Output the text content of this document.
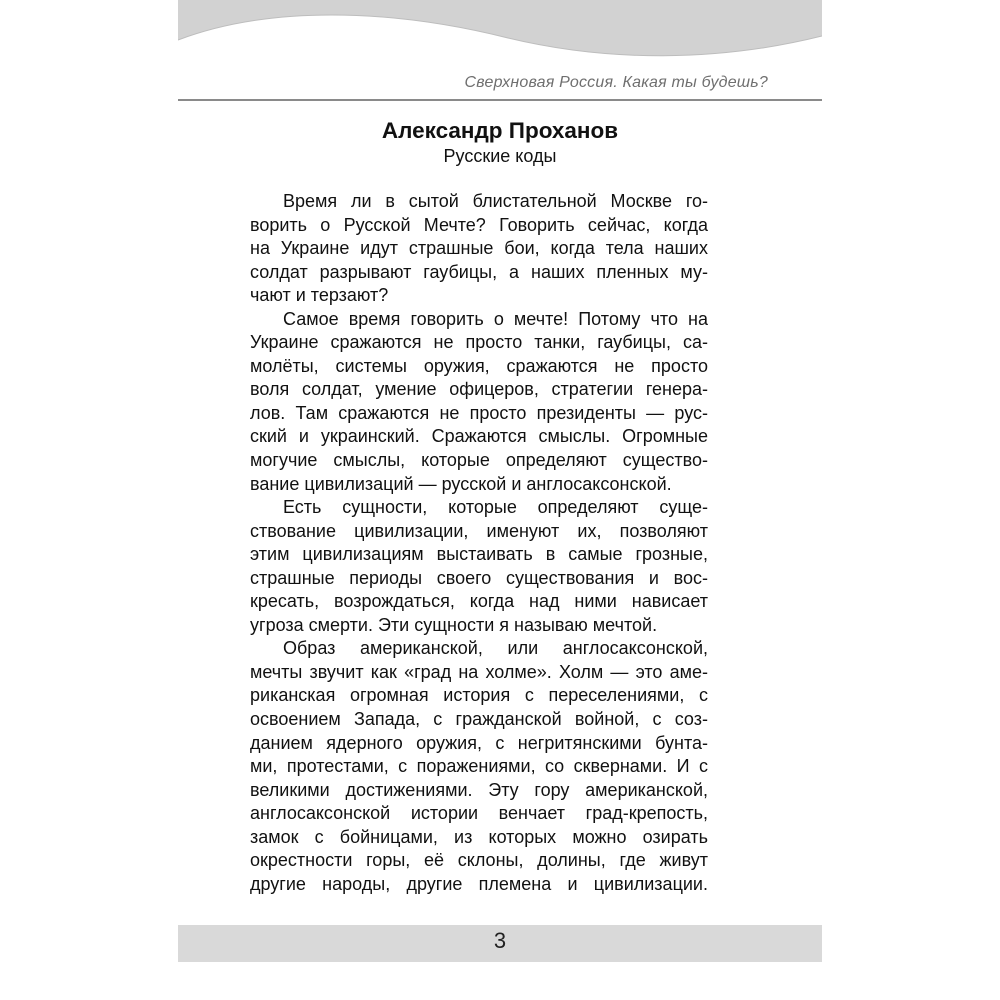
Сверхновая Россия. Какая ты будешь?
Александр Проханов
Русские коды
Время ли в сытой блистательной Москве го-
ворить о Русской Мечте? Говорить сейчас, когда
на Украине идут страшные бои, когда тела наших
солдат разрывают гаубицы, а наших пленных му-
чают и терзают?
Самое время говорить о мечте! Потому что на
Украине сражаются не просто танки, гаубицы, са-
молёты, системы оружия, сражаются не просто
воля солдат, умение офицеров, стратегии генера-
лов. Там сражаются не просто президенты — рус-
ский и украинский. Сражаются смыслы. Огромные
могучие смыслы, которые определяют существо-
вание цивилизаций — русской и англосаксонской.
Есть сущности, которые определяют суще-
ствование цивилизации, именуют их, позволяют
этим цивилизациям выстаивать в самые грозные,
страшные периоды своего существования и вос-
кресать, возрождаться, когда над ними нависает
угроза смерти. Эти сущности я называю мечтой.
Образ американской, или англосаксонской,
мечты звучит как «град на холме». Холм — это аме-
риканская огромная история с переселениями, с
освоением Запада, с гражданской войной, с соз-
данием ядерного оружия, с негритянскими бунта-
ми, протестами, с поражениями, со сквернами. И с
великими достижениями. Эту гору американской,
англосаксонской истории венчает град-крепость,
замок с бойницами, из которых можно озирать
окрестности горы, её склоны, долины, где живут
другие народы, другие племена и цивилизации.
3
